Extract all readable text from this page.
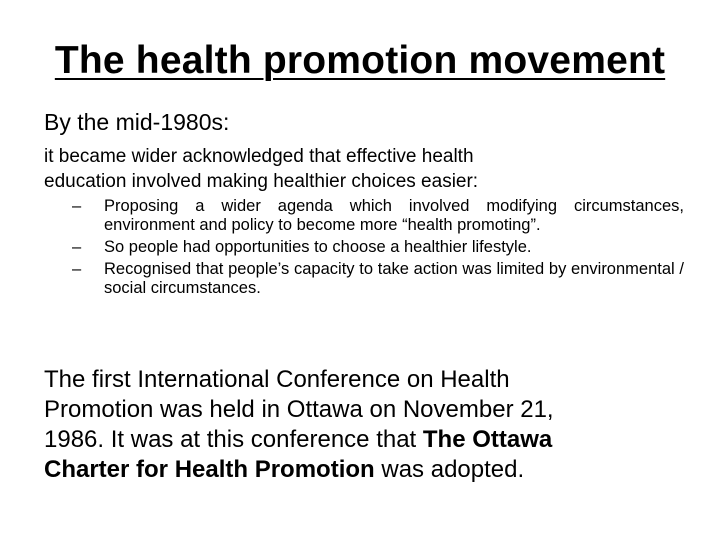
The health promotion movement
By the mid-1980s:
it became wider acknowledged that effective health
education involved making healthier choices easier:
– Proposing a wider agenda which involved modifying circumstances, environment and policy to become more “health promoting”.
– So people had opportunities to choose a healthier lifestyle.
– Recognised that people’s capacity to take action was limited by environmental / social circumstances.
The first International Conference on Health
Promotion was held in Ottawa on November 21,
1986. It was at this conference that The Ottawa
Charter for Health Promotion was adopted.
